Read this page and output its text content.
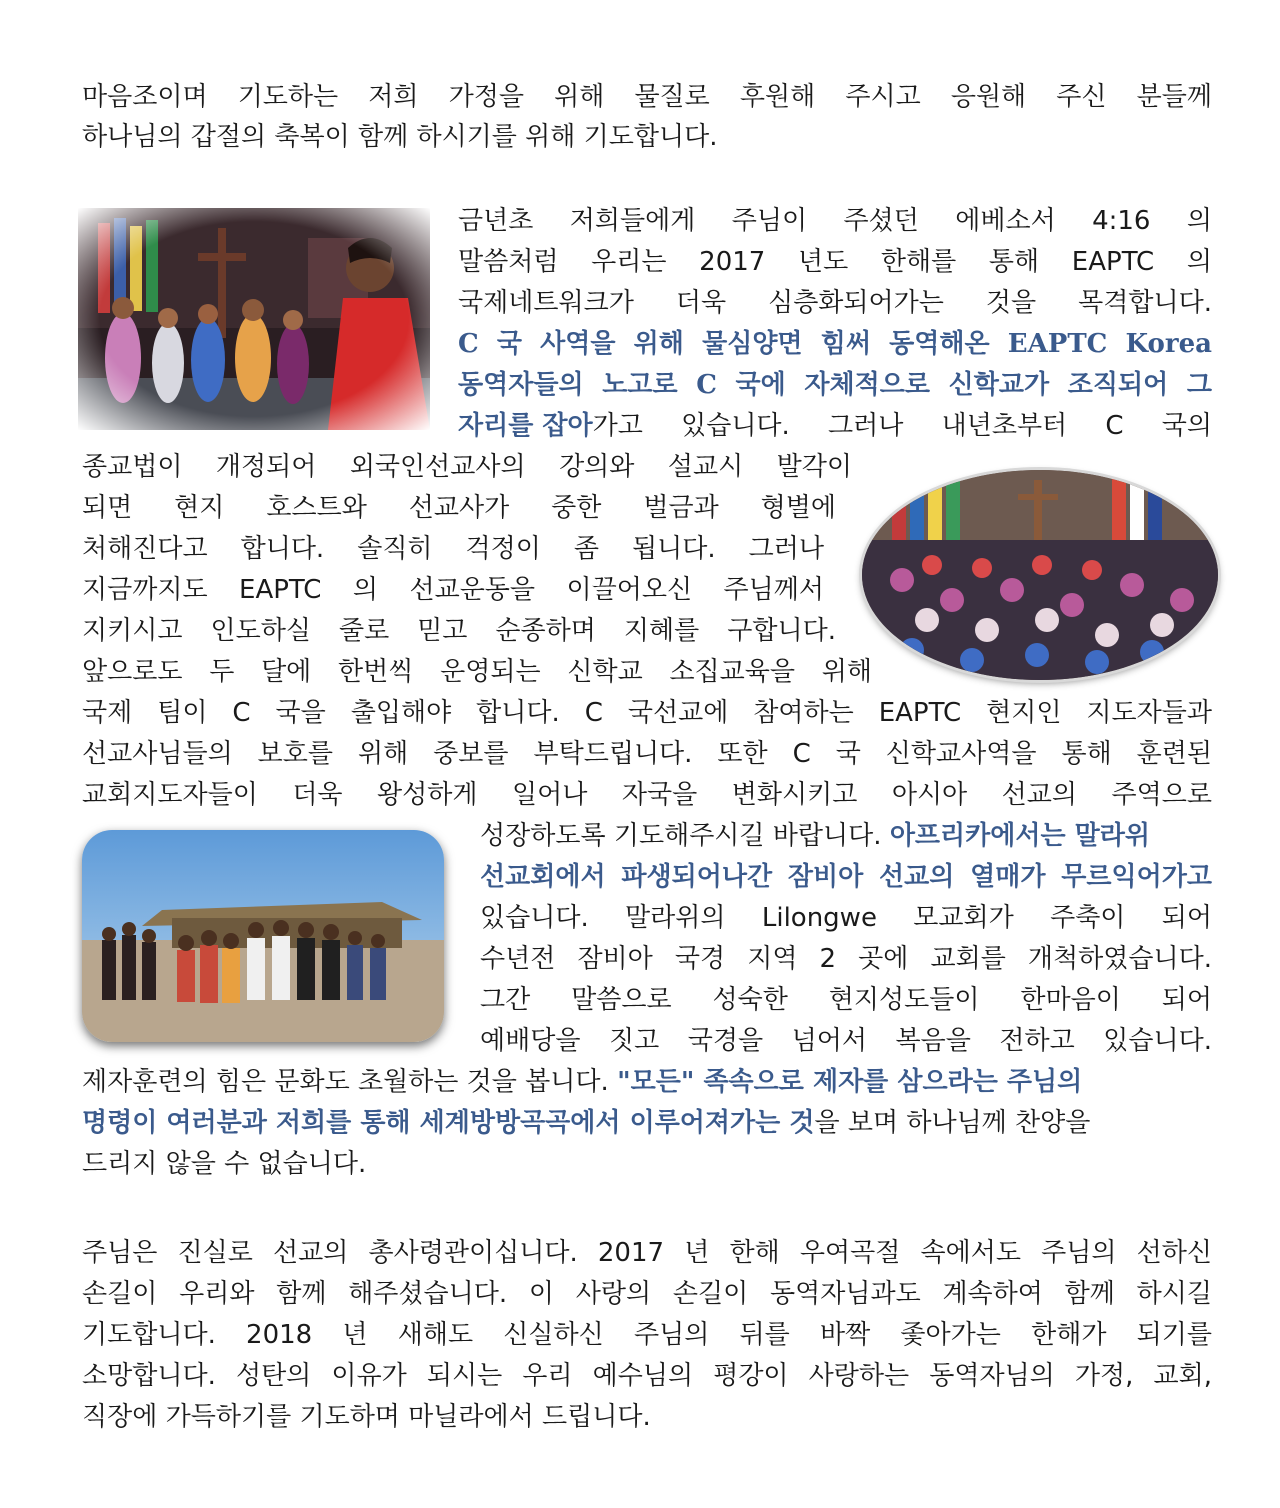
마음조이며 기도하는 저희 가정을 위해 물질로 후원해 주시고 응원해 주신 분들께
하나님의 갑절의 축복이 함께 하시기를 위해 기도합니다.
금년초 저희들에게 주님이 주셨던 에베소서 4:16 의
말씀처럼 우리는 2017 년도 한해를 통해 EAPTC 의
국제네트워크가 더욱 심층화되어가는 것을 목격합니다.
C 국 사역을 위해 물심양면 힘써 동역해온 EAPTC Korea
동역자들의 노고로 C 국에 자체적으로 신학교가 조직되어 그
자리를 잡아 가고 있습니다. 그러나 내년초부터 C 국의
종교법이 개정되어 외국인선교사의 강의와 설교시 발각이
되면 현지 호스트와 선교사가 중한 벌금과 형별에
처해진다고 합니다. 솔직히 걱정이 좀 됩니다. 그러나
지금까지도 EAPTC 의 선교운동을 이끌어오신 주님께서
지키시고 인도하실 줄로 믿고 순종하며 지혜를 구합니다.
앞으로도 두 달에 한번씩 운영되는 신학교 소집교육을 위해
국제 팀이 C 국을 출입해야 합니다. C 국선교에 참여하는 EAPTC 현지인 지도자들과
선교사님들의 보호를 위해 중보를 부탁드립니다. 또한 C 국 신학교사역을 통해 훈련된
교회지도자들이 더욱 왕성하게 일어나 자국을 변화시키고 아시아 선교의 주역으로
성장하도록 기도해주시길 바랍니다. 아프리카에서는 말라위
선교회에서 파생되어나간 잠비아 선교의 열매가 무르익어가고
있습니다. 말라위의 Lilongwe 모교회가 주축이 되어
수년전 잠비아 국경 지역 2 곳에 교회를 개척하였습니다.
그간 말씀으로 성숙한 현지성도들이 한마음이 되어
예배당을 짓고 국경을 넘어서 복음을 전하고 있습니다.
제자훈련의 힘은 문화도 초월하는 것을 봅니다. "모든" 족속으로 제자를 삼으라는 주님의
명령이 여러분과 저희를 통해 세계방방곡곡에서 이루어져가는 것 을 보며 하나님께 찬양을
드리지 않을 수 없습니다.
주님은 진실로 선교의 총사령관이십니다. 2017 년 한해 우여곡절 속에서도 주님의 선하신
손길이 우리와 함께 해주셨습니다. 이 사랑의 손길이 동역자님과도 계속하여 함께 하시길
기도합니다. 2018 년 새해도 신실하신 주님의 뒤를 바짝 좇아가는 한해가 되기를
소망합니다. 성탄의 이유가 되시는 우리 예수님의 평강이 사랑하는 동역자님의 가정, 교회,
직장에 가득하기를 기도하며 마닐라에서 드립니다.
